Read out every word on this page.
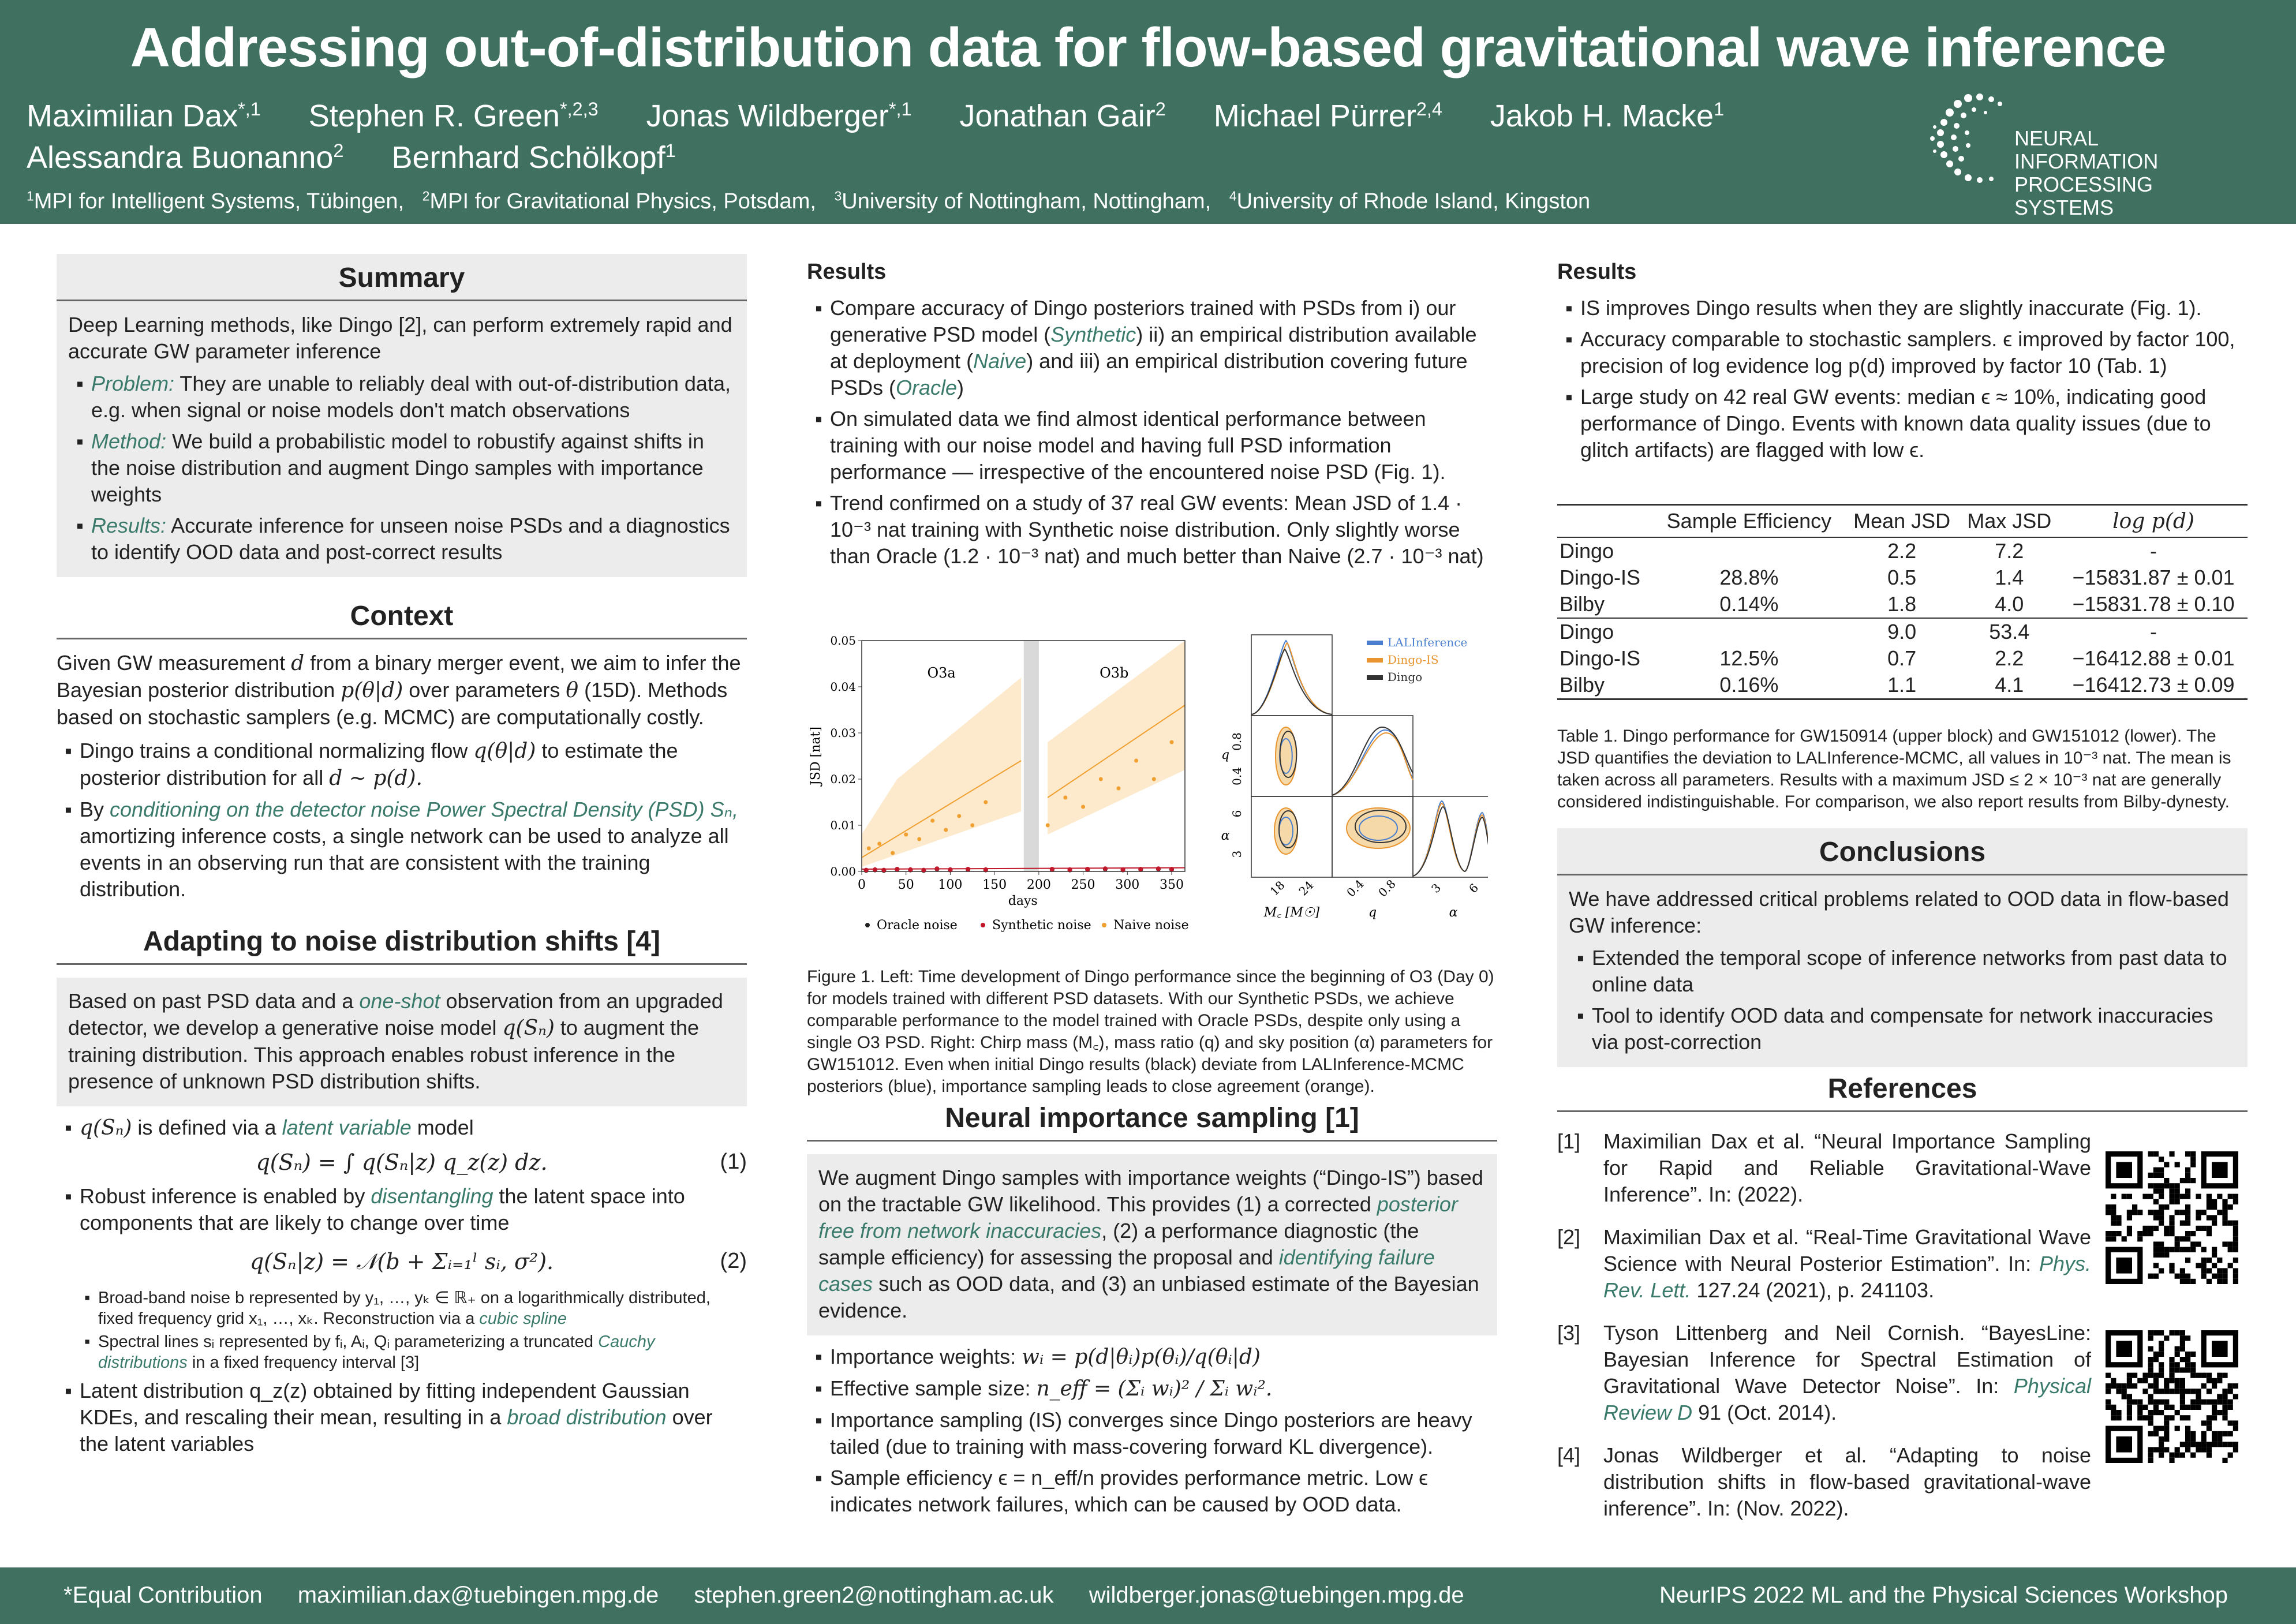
Addressing out-of-distribution data for flow-based gravitational wave inference
Maximilian Dax$^{*,1}$ Stephen R. Green$^{*,2,3}$ Jonas Wildberger$^{*,1}$ Jonathan Gair$^2$ Michael Pürrer$^{2,4}$ Jakob H. Macke$^1$
Alessandra Buonanno$^2$ Bernhard Schölkopf$^1$
$^1$MPI for Intelligent Systems, Tübingen, $^2$MPI for Gravitational Physics, Potsdam, $^3$University of Nottingham, Nottingham, $^4$University of Rhode Island, Kingston
NEURAL INFORMATION
PROCESSING SYSTEMS
Summary

Deep Learning methods, like Dingo [2], can perform extremely rapid and accurate GW parameter inference

▪ Problem: They are unable to reliably deal with out-of-distribution data, e.g. when signal or noise models don't match observations
▪ Method: We build a probabilistic model to robustify against shifts in the noise distribution and augment Dingo samples with importance weights
▪ Results: Accurate inference for unseen noise PSDs and a diagnostics to identify OOD data and post-correct results
Context

Given GW measurement d from a binary merger event, we aim to infer the Bayesian posterior distribution p(θ|d) over parameters θ (15D). Methods based on stochastic samplers (e.g. MCMC) are computationally costly.

▪ Dingo trains a conditional normalizing flow q(θ|d) to estimate the posterior distribution for all d ∼ p(d).
▪ By conditioning on the detector noise Power Spectral Density (PSD) Sₙ, amortizing inference costs, a single network can be used to analyze all events in an observing run that are consistent with the training distribution.
Adapting to noise distribution shifts [4]
Based on past PSD data and a one-shot observation from an upgraded detector, we develop a generative noise model q(Sₙ) to augment the training distribution. This approach enables robust inference in the presence of unknown PSD distribution shifts.
▪ q(Sₙ) is defined via a latent variable model
q(Sₙ) = ∫ q(Sₙ|z) q_z(z) dz.	(1)
▪ Robust inference is enabled by disentangling the latent space into components that are likely to change over time
q(Sₙ|z) = 𝒩(b + Σᵢ₌₁ˡ sᵢ, σ²).	(2)
▪ Broad-band noise b represented by y₁, …, yₖ ∈ ℝ₊ on a logarithmically distributed, fixed frequency grid x₁, …, xₖ. Reconstruction via a cubic spline
▪ Spectral lines sᵢ represented by fᵢ, Aᵢ, Qᵢ parameterizing a truncated Cauchy distributions in a fixed frequency interval [3]
▪ Latent distribution q_z(z) obtained by fitting independent Gaussian KDEs, and rescaling their mean, resulting in a broad distribution over the latent variables
Results
▪ Compare accuracy of Dingo posteriors trained with PSDs from i) our generative PSD model (Synthetic) ii) an empirical distribution available at deployment (Naive) and iii) an empirical distribution covering future PSDs (Oracle)
▪ On simulated data we find almost identical performance between training with our noise model and having full PSD information performance — irrespective of the encountered noise PSD (Fig. 1).
▪ Trend confirmed on a study of 37 real GW events: Mean JSD of 1.4 · 10⁻³ nat training with Synthetic noise distribution. Only slightly worse than Oracle (1.2 · 10⁻³ nat) and much better than Naive (2.7 · 10⁻³ nat)
0	50 100 150 200 250 300 350
0.00
0.01
0.02
0.03
0.04
0.05
days
JSD [nat]
O3a	O3b
Oracle noise	Synthetic noise Naive noise
18 24 0.4 0.8	3 6
0.8
0.4
6
3
M꜀ [M☉]	q	α
q
α
LALInference
Dingo-IS
Dingo
Figure 1. Left: Time development of Dingo performance since the beginning of O3 (Day 0) for models trained with different PSD datasets. With our Synthetic PSDs, we achieve comparable performance to the model trained with Oracle PSDs, despite only using a single O3 PSD. Right: Chirp mass (M꜀), mass ratio (q) and sky position (α) parameters for GW151012. Even when initial Dingo results (black) deviate from LALInference-MCMC posteriors (blue), importance sampling leads to close agreement (orange).
Neural importance sampling [1]
We augment Dingo samples with importance weights (“Dingo-IS”) based on the tractable GW likelihood. This provides (1) a corrected posterior free from network inaccuracies, (2) a performance diagnostic (the sample efficiency) for assessing the proposal and identifying failure cases such as OOD data, and (3) an unbiased estimate of the Bayesian evidence.
▪ Importance weights: wᵢ = p(d|θᵢ)p(θᵢ)/q(θᵢ|d)
▪ Effective sample size: n_eff = (Σᵢ wᵢ)² / Σᵢ wᵢ².
▪ Importance sampling (IS) converges since Dingo posteriors are heavy tailed (due to training with mass-covering forward KL divergence).
▪ Sample efficiency ϵ = n_eff/n provides performance metric. Low ϵ indicates network failures, which can be caused by OOD data.
Results
▪ IS improves Dingo results when they are slightly inaccurate (Fig. 1).
▪ Accuracy comparable to stochastic samplers. ϵ improved by factor 100, precision of log evidence log p(d) improved by factor 10 (Tab. 1)
▪ Large study on 42 real GW events: median ϵ ≈ 10%, indicating good performance of Dingo. Events with known data quality issues (due to glitch artifacts) are flagged with low ϵ.
	Sample Efficiency	Mean JSD	Max JSD	log p(d)
Dingo		2.2	7.2	-
Dingo-IS	28.8%	0.5	1.4	−15831.87 ± 0.01
Bilby	0.14%	1.8	4.0	−15831.78 ± 0.10
Dingo		9.0	53.4	-
Dingo-IS	12.5%	0.7	2.2	−16412.88 ± 0.01
Bilby	0.16%	1.1	4.1	−16412.73 ± 0.09
Table 1. Dingo performance for GW150914 (upper block) and GW151012 (lower). The JSD quantifies the deviation to LALInference-MCMC, all values in 10⁻³ nat. The mean is taken across all parameters. Results with a maximum JSD ≤ 2 × 10⁻³ nat are generally considered indistinguishable. For comparison, we also report results from Bilby-dynesty.
Conclusions

We have addressed critical problems related to OOD data in flow-based GW inference:

▪ Extended the temporal scope of inference networks from past data to online data
▪ Tool to identify OOD data and compensate for network inaccuracies via post-correction
References
[1]	Maximilian Dax et al. “Neural Importance Sampling for Rapid and Reliable Gravitational-Wave Inference”. In: (2022).
[2]	Maximilian Dax et al. “Real-Time Gravitational Wave Science with Neural Posterior Estimation”. In: Phys. Rev. Lett. 127.24 (2021), p. 241103.
[3]	Tyson Littenberg and Neil Cornish. “BayesLine: Bayesian Inference for Spectral Estimation of Gravitational Wave Detector Noise”. In: Physical Review D 91 (Oct. 2014).
[4]	Jonas Wildberger et al. “Adapting to noise distribution shifts in flow-based gravitational-wave inference”. In: (Nov. 2022).
*Equal Contribution maximilian.dax@tuebingen.mpg.de stephen.green2@nottingham.ac.uk wildberger.jonas@tuebingen.mpg.de	NeurIPS 2022 ML and the Physical Sciences Workshop
